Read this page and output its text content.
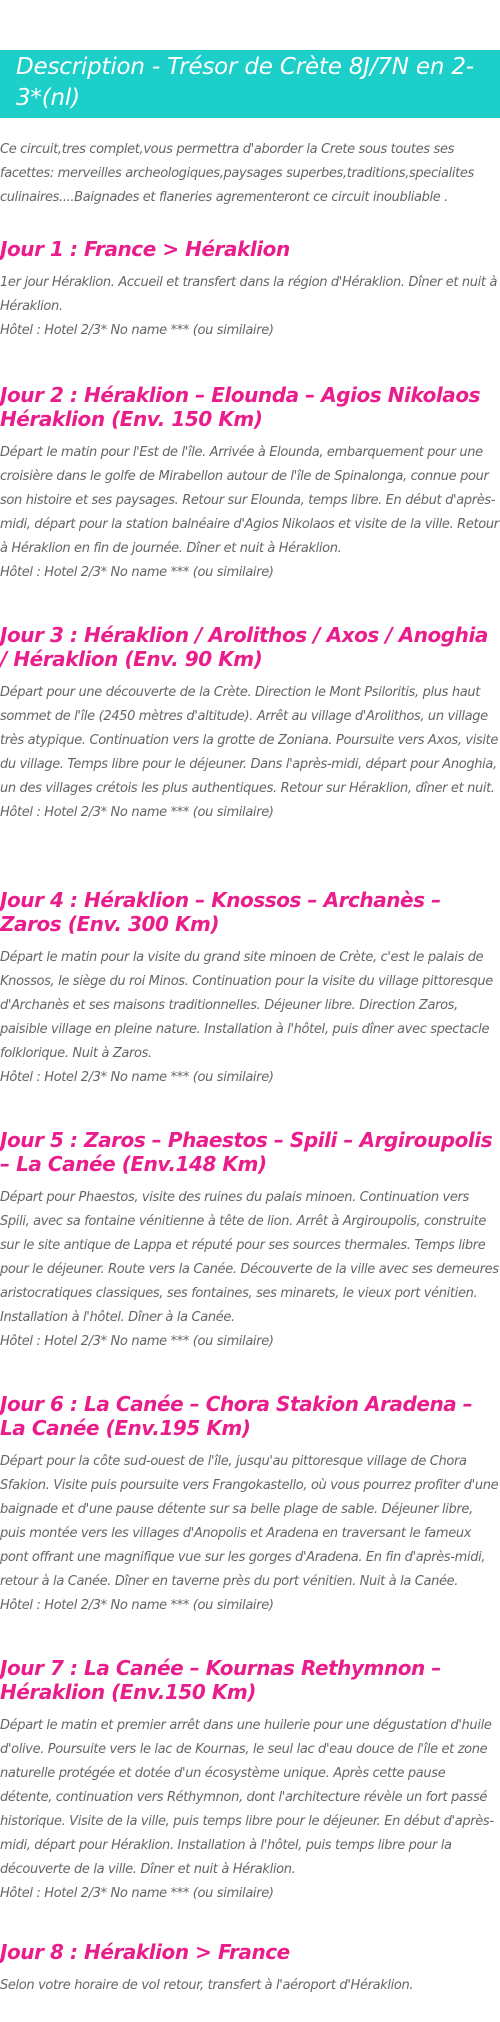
Description - Trésor de Crète 8J/7N en 2-3*(nl)

Ce circuit,tres complet,vous permettra d'aborder la Crete sous toutes ses facettes: merveilles archeologiques,paysages superbes,traditions,specialites culinaires....Baignades et flaneries agrementeront ce circuit inoubliable .

Jour 1 : France > Héraklion

1er jour Héraklion. Accueil et transfert dans la région d'Héraklion. Dîner et nuit à Héraklion.
Hôtel : Hotel 2/3* No name *** (ou similaire)

Jour 2 : Héraklion – Elounda – Agios Nikolaos Héraklion (Env. 150 Km)

Départ le matin pour l'Est de l'île. Arrivée à Elounda, embarquement pour une croisière dans le golfe de Mirabellon autour de l'île de Spinalonga, connue pour son histoire et ses paysages. Retour sur Elounda, temps libre. En début d'après-midi, départ pour la station balnéaire d'Agios Nikolaos et visite de la ville. Retour à Héraklion en fin de journée. Dîner et nuit à Héraklion.
Hôtel : Hotel 2/3* No name *** (ou similaire)

Jour 3 : Héraklion / Arolithos / Axos / Anoghia / Héraklion (Env. 90 Km)

Départ pour une découverte de la Crète. Direction le Mont Psiloritis, plus haut sommet de l'île (2450 mètres d'altitude). Arrêt au village d'Arolithos, un village très atypique. Continuation vers la grotte de Zoniana. Poursuite vers Axos, visite du village. Temps libre pour le déjeuner. Dans l'après-midi, départ pour Anoghia, un des villages crétois les plus authentiques. Retour sur Héraklion, dîner et nuit.
Hôtel : Hotel 2/3* No name *** (ou similaire)

Jour 4 : Héraklion – Knossos – Archanès – Zaros (Env. 300 Km)

Départ le matin pour la visite du grand site minoen de Crète, c'est le palais de Knossos, le siège du roi Minos. Continuation pour la visite du village pittoresque d'Archanès et ses maisons traditionnelles. Déjeuner libre. Direction Zaros, paisible village en pleine nature. Installation à l'hôtel, puis dîner avec spectacle folklorique. Nuit à Zaros.
Hôtel : Hotel 2/3* No name *** (ou similaire)

Jour 5 : Zaros – Phaestos – Spili – Argiroupolis – La Canée (Env.148 Km)

Départ pour Phaestos, visite des ruines du palais minoen. Continuation vers Spili, avec sa fontaine vénitienne à tête de lion. Arrêt à Argiroupolis, construite sur le site antique de Lappa et réputé pour ses sources thermales. Temps libre pour le déjeuner. Route vers la Canée. Découverte de la ville avec ses demeures aristocratiques classiques, ses fontaines, ses minarets, le vieux port vénitien. Installation à l'hôtel. Dîner à la Canée.
Hôtel : Hotel 2/3* No name *** (ou similaire)

Jour 6 : La Canée – Chora Stakion Aradena – La Canée (Env.195 Km)

Départ pour la côte sud-ouest de l'île, jusqu'au pittoresque village de Chora Sfakion. Visite puis poursuite vers Frangokastello, où vous pourrez profiter d'une baignade et d'une pause détente sur sa belle plage de sable. Déjeuner libre, puis montée vers les villages d'Anopolis et Aradena en traversant le fameux pont offrant une magnifique vue sur les gorges d'Aradena. En fin d'après-midi, retour à la Canée. Dîner en taverne près du port vénitien. Nuit à la Canée.
Hôtel : Hotel 2/3* No name *** (ou similaire)

Jour 7 : La Canée – Kournas Rethymnon – Héraklion (Env.150 Km)

Départ le matin et premier arrêt dans une huilerie pour une dégustation d'huile d'olive. Poursuite vers le lac de Kournas, le seul lac d'eau douce de l'île et zone naturelle protégée et dotée d'un écosystème unique. Après cette pause détente, continuation vers Réthymnon, dont l'architecture révèle un fort passé historique. Visite de la ville, puis temps libre pour le déjeuner. En début d'après-midi, départ pour Héraklion. Installation à l'hôtel, puis temps libre pour la découverte de la ville. Dîner et nuit à Héraklion.
Hôtel : Hotel 2/3* No name *** (ou similaire)

Jour 8 : Héraklion > France

Selon votre horaire de vol retour, transfert à l'aéroport d'Héraklion.
